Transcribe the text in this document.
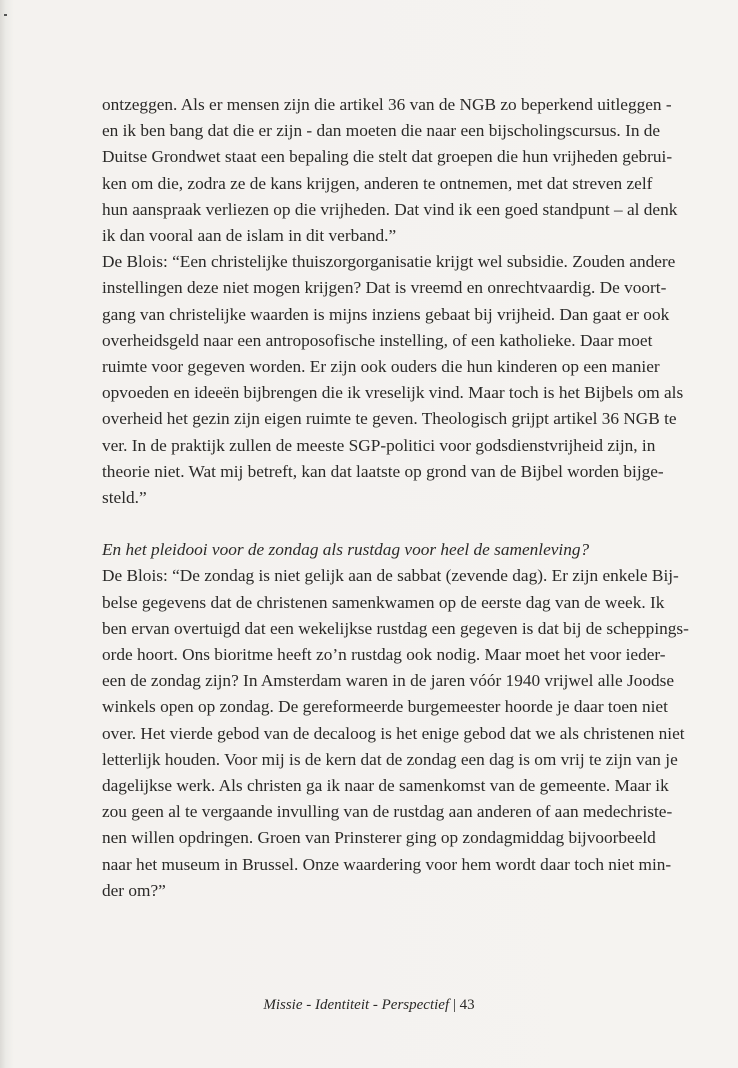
ontzeggen. Als er mensen zijn die artikel 36 van de NGB zo beperkend uitleggen -
en ik ben bang dat die er zijn - dan moeten die naar een bijscholingscursus. In de
Duitse Grondwet staat een bepaling die stelt dat groepen die hun vrijheden gebrui-
ken om die, zodra ze de kans krijgen, anderen te ontnemen, met dat streven zelf
hun aanspraak verliezen op die vrijheden. Dat vind ik een goed standpunt – al denk
ik dan vooral aan de islam in dit verband.”
De Blois: “Een christelijke thuiszorgorganisatie krijgt wel subsidie. Zouden andere
instellingen deze niet mogen krijgen? Dat is vreemd en onrechtvaardig. De voort-
gang van christelijke waarden is mijns inziens gebaat bij vrijheid. Dan gaat er ook
overheidsgeld naar een antroposofische instelling, of een katholieke. Daar moet
ruimte voor gegeven worden. Er zijn ook ouders die hun kinderen op een manier
opvoeden en ideeën bijbrengen die ik vreselijk vind. Maar toch is het Bijbels om als
overheid het gezin zijn eigen ruimte te geven. Theologisch grijpt artikel 36 NGB te
ver. In de praktijk zullen de meeste SGP-politici voor godsdienstvrijheid zijn, in
theorie niet. Wat mij betreft, kan dat laatste op grond van de Bijbel worden bijge-
steld.”
En het pleidooi voor de zondag als rustdag voor heel de samenleving?
De Blois: “De zondag is niet gelijk aan de sabbat (zevende dag). Er zijn enkele Bij-
belse gegevens dat de christenen samenkwamen op de eerste dag van de week. Ik
ben ervan overtuigd dat een wekelijkse rustdag een gegeven is dat bij de scheppings-
orde hoort. Ons bioritme heeft zo’n rustdag ook nodig. Maar moet het voor ieder-
een de zondag zijn? In Amsterdam waren in de jaren vóór 1940 vrijwel alle Joodse
winkels open op zondag. De gereformeerde burgemeester hoorde je daar toen niet
over. Het vierde gebod van de decaloog is het enige gebod dat we als christenen niet
letterlijk houden. Voor mij is de kern dat de zondag een dag is om vrij te zijn van je
dagelijkse werk. Als christen ga ik naar de samenkomst van de gemeente. Maar ik
zou geen al te vergaande invulling van de rustdag aan anderen of aan medechriste-
nen willen opdringen. Groen van Prinsterer ging op zondagmiddag bijvoorbeeld
naar het museum in Brussel. Onze waardering voor hem wordt daar toch niet min-
der om?”
Missie - Identiteit - Perspectief | 43
